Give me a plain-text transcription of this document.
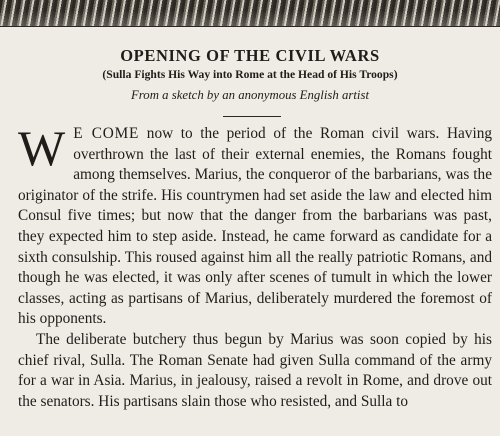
OPENING OF THE CIVIL WARS
(Sulla Fights His Way into Rome at the Head of His Troops)
From a sketch by an anonymous English artist

W E COME now to the period of the Roman civil wars. Having overthrown the last of their external enemies, the Romans fought among themselves. Marius, the conqueror of the barbarians, was the originator of the strife. His countrymen had set aside the law and elected him Consul five times; but now that the danger from the barbarians was past, they expected him to step aside. Instead, he came forward as candidate for a sixth consulship. This roused against him all the really patriotic Romans, and though he was elected, it was only after scenes of tumult in which the lower classes, acting as partisans of Marius, deliberately murdered the foremost of his opponents.

The deliberate butchery thus begun by Marius was soon copied by his chief rival, Sulla. The Roman Senate had given Sulla command of the army for a war in Asia. Marius, in jealousy, raised a revolt in Rome, and drove out the senators. His partisans slain those who resisted, and Sulla to
